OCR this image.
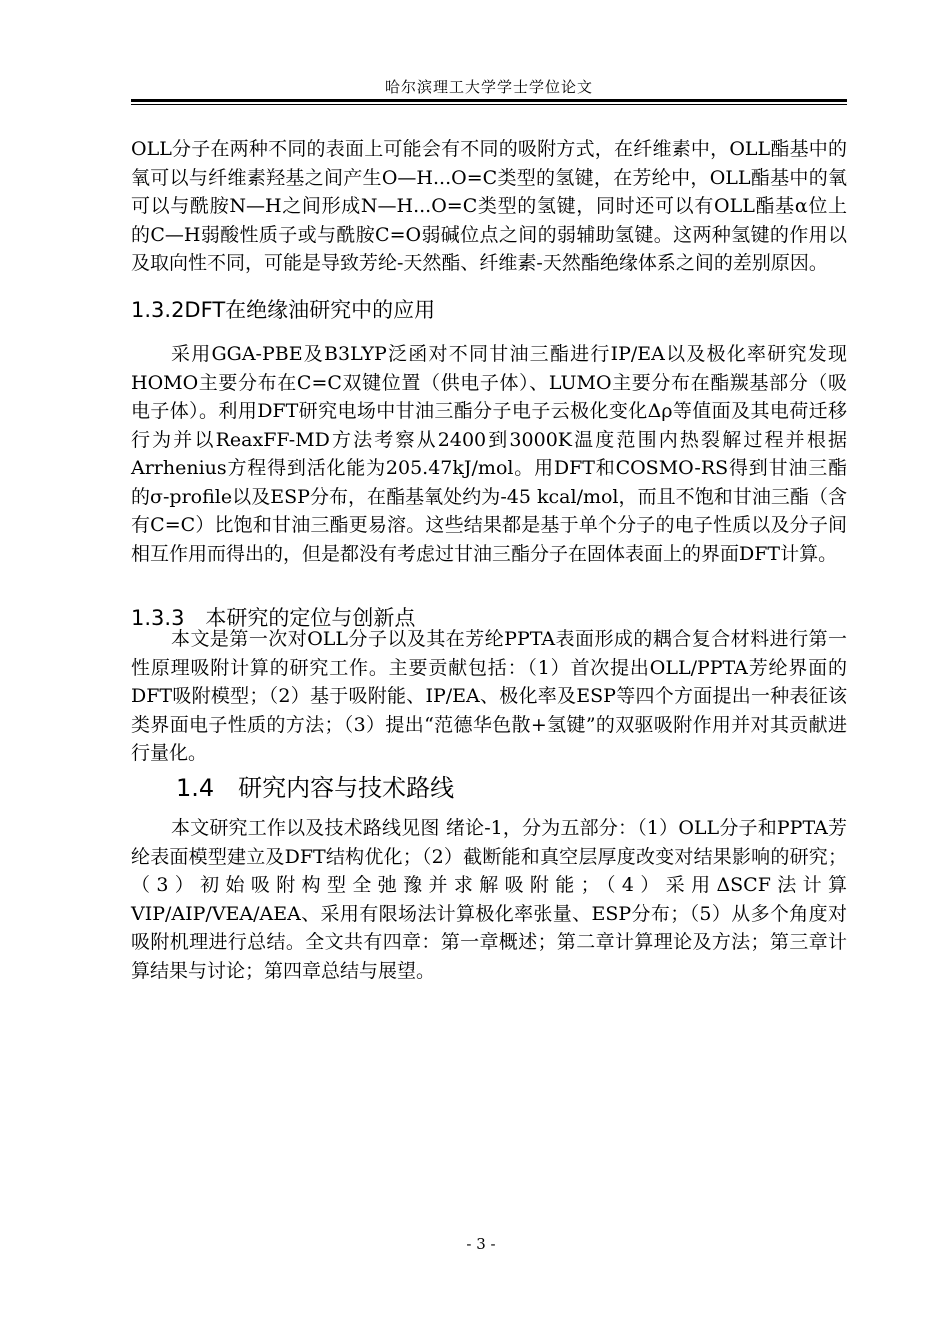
哈尔滨理工大学学士学位论文

OLL分子在两种不同的表面上可能会有不同的吸附方式，在纤维素中，OLL酯基中的氧可以与纤维素羟基之间产生O—H...O=C类型的氢键，在芳纶中，OLL酯基中的氧可以与酰胺N—H之间形成N—H...O=C类型的氢键，同时还可以有OLL酯基α位上的C—H弱酸性质子或与酰胺C=O弱碱位点之间的弱辅助氢键。这两种氢键的作用以及取向性不同，可能是导致芳纶-天然酯、纤维素-天然酯绝缘体系之间的差别原因。

1.3.2DFT在绝缘油研究中的应用

采用GGA-PBE及B3LYP泛函对不同甘油三酯进行IP/EA以及极化率研究发现HOMO主要分布在C=C双键位置（供电子体）、LUMO主要分布在酯羰基部分（吸电子体）。利用DFT研究电场中甘油三酯分子电子云极化变化Δρ等值面及其电荷迁移行为并以ReaxFF-MD方法考察从2400到3000K温度范围内热裂解过程并根据Arrhenius方程得到活化能为205.47kJ/mol。用DFT和COSMO-RS得到甘油三酯的σ-profile以及ESP分布，在酯基氧处约为-45 kcal/mol，而且不饱和甘油三酯（含有C=C）比饱和甘油三酯更易溶。这些结果都是基于单个分子的电子性质以及分子间相互作用而得出的，但是都没有考虑过甘油三酯分子在固体表面上的界面DFT计算。

1.3.3　本研究的定位与创新点

本文是第一次对OLL分子以及其在芳纶PPTA表面形成的耦合复合材料进行第一性原理吸附计算的研究工作。主要贡献包括：（1）首次提出OLL/PPTA芳纶界面的DFT吸附模型；（2）基于吸附能、IP/EA、极化率及ESP等四个方面提出一种表征该类界面电子性质的方法；（3）提出“范德华色散+氢键”的双驱吸附作用并对其贡献进行量化。

1.4　研究内容与技术路线

本文研究工作以及技术路线见图 绪论-1，分为五部分：（1）OLL分子和PPTA芳纶表面模型建立及DFT结构优化；（2）截断能和真空层厚度改变对结果影响的研究；（3）初始吸附构型全弛豫并求解吸附能；（4）采用ΔSCF法计算VIP/AIP/VEA/AEA、采用有限场法计算极化率张量、ESP分布；（5）从多个角度对吸附机理进行总结。全文共有四章：第一章概述；第二章计算理论及方法；第三章计算结果与讨论；第四章总结与展望。

- 3 -
